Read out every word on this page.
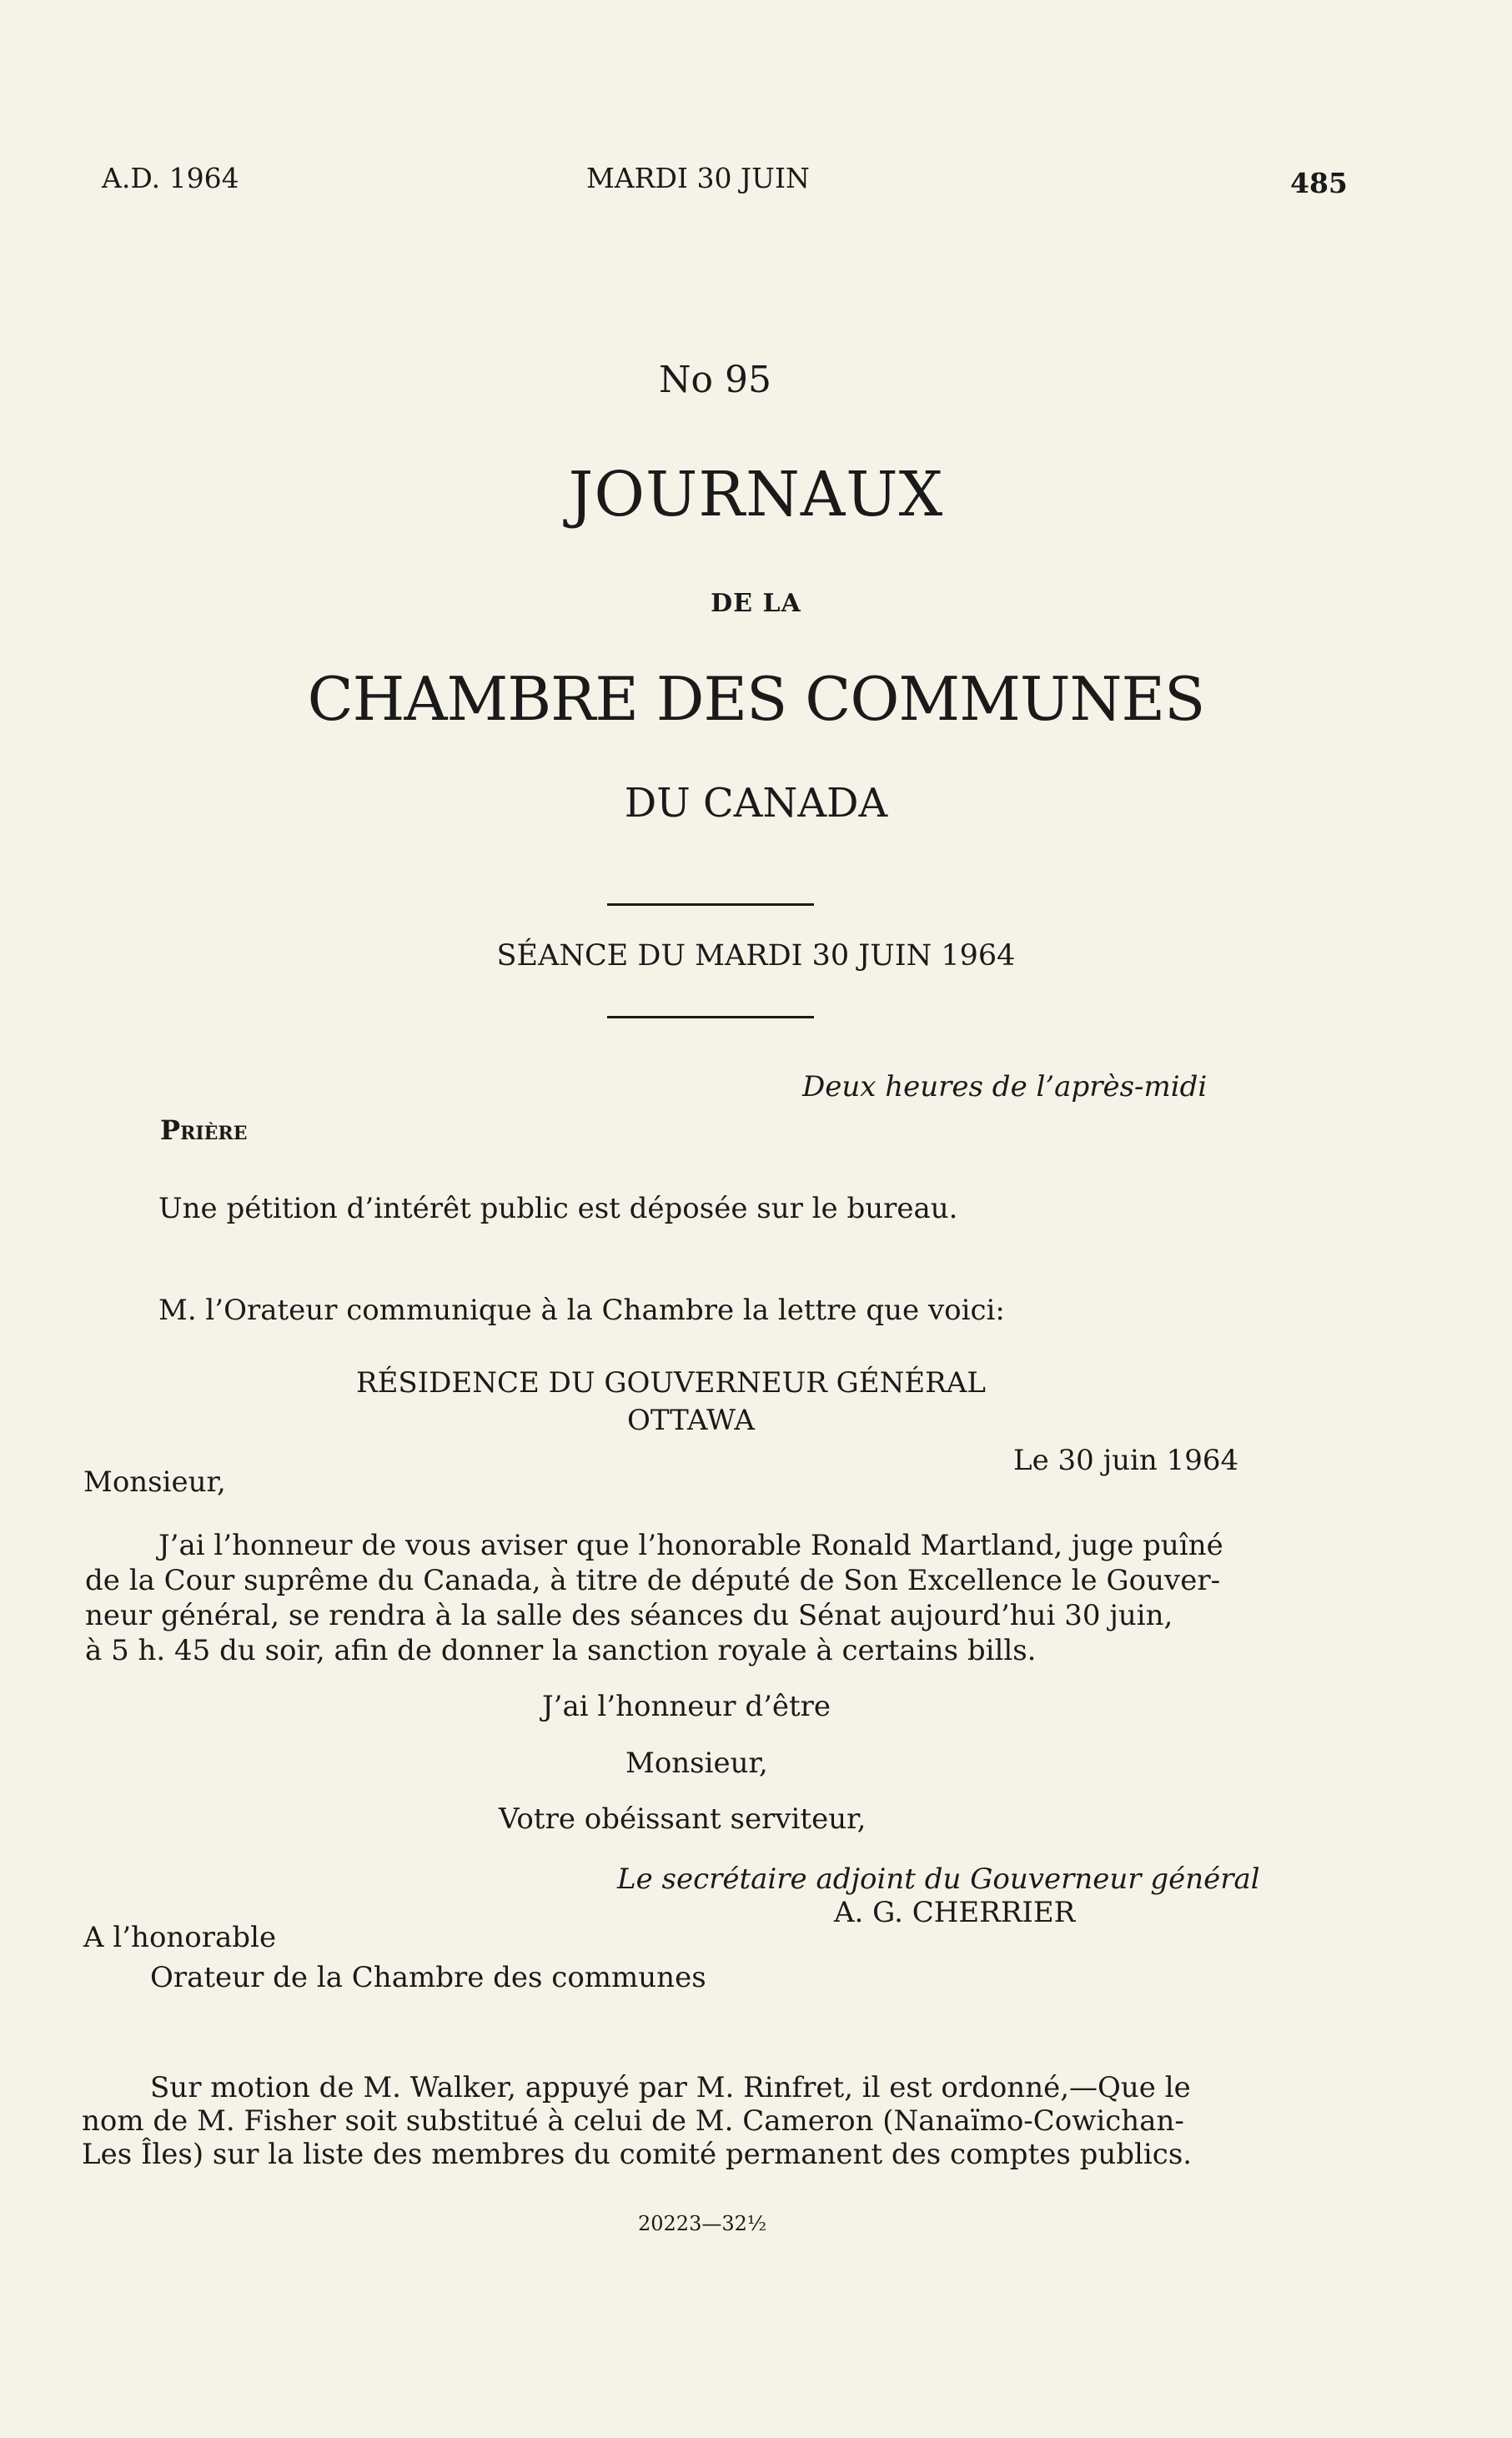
A.D. 1964	MARDI 30 JUIN	485
No 95
JOURNAUX
DE LA
CHAMBRE DES COMMUNES
DU CANADA
SÉANCE DU MARDI 30 JUIN 1964
Deux heures de l’après-midi
Prière
Une pétition d’intérêt public est déposée sur le bureau.
M. l’Orateur communique à la Chambre la lettre que voici:
RÉSIDENCE DU GOUVERNEUR GÉNÉRAL
OTTAWA
Le 30 juin 1964
Monsieur,
J’ai l’honneur de vous aviser que l’honorable Ronald Martland, juge puîné
de la Cour suprême du Canada, à titre de député de Son Excellence le Gouver-
neur général, se rendra à la salle des séances du Sénat aujourd’hui 30 juin,
à 5 h. 45 du soir, afin de donner la sanction royale à certains bills.
J’ai l’honneur d’être
Monsieur,
Votre obéissant serviteur,
Le secrétaire adjoint du Gouverneur général
A. G. CHERRIER
A l’honorable
Orateur de la Chambre des communes
Sur motion de M. Walker, appuyé par M. Rinfret, il est ordonné,—Que le
nom de M. Fisher soit substitué à celui de M. Cameron (Nanaïmo-Cowichan-
Les Îles) sur la liste des membres du comité permanent des comptes publics.
20223—32½
